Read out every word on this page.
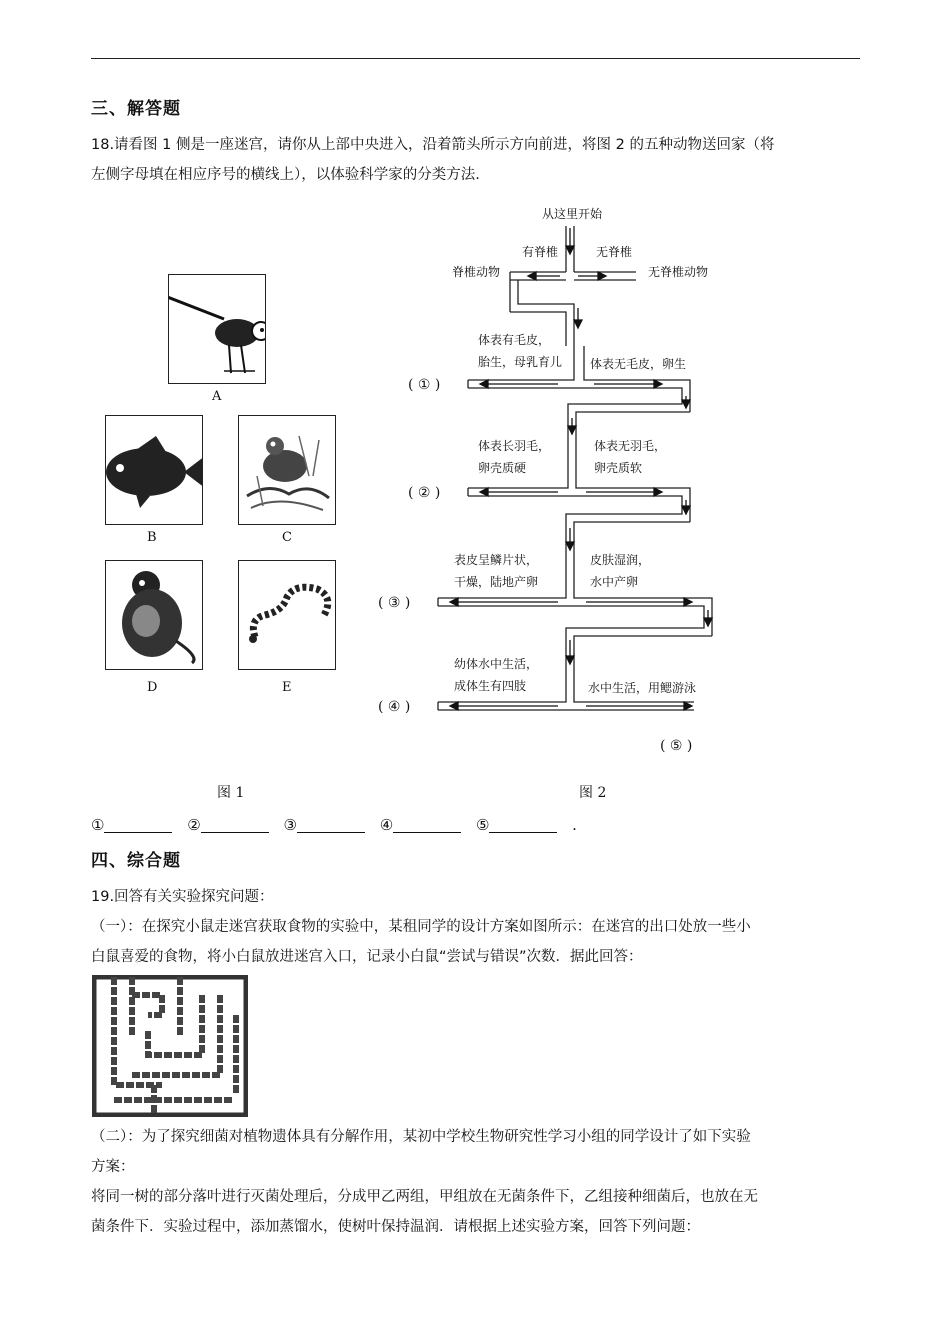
三、解答题
18.请看图 1 侧是一座迷宫，请你从上部中央进入，沿着箭头所示方向前进，将图 2 的五种动物送回家（将
左侧字母填在相应序号的横线上），以体验科学家的分类方法.
A
B	C
D	E
图 1
从这里开始
有脊椎	无脊椎
脊椎动物	无脊椎动物
体表有毛皮，
胎生，母乳育儿 体表无毛皮，卵生
体表长羽毛，
卵壳质硬
体表无羽毛，
卵壳质软
表皮呈鳞片状，
干燥，陆地产卵
皮肤湿润，
水中产卵
幼体水中生活，
成体生有四肢	水中生活，用鳃游泳
( ① )
( ② )
( ③ )
( ④ )
( ⑤ )
图 2
①	②	③	④	⑤	.
四、综合题
19.回答有关实验探究问题：
（一）：在探究小鼠走迷宫获取食物的实验中，某租同学的设计方案如图所示：在迷宫的出口处放一些小
白鼠喜爱的食物，将小白鼠放进迷宫入口，记录小白鼠“尝试与错误”次数．据此回答：
（二）：为了探究细菌对植物遗体具有分解作用，某初中学校生物研究性学习小组的同学设计了如下实验
方案：
将同一树的部分落叶进行灭菌处理后，分成甲乙两组，甲组放在无菌条件下，乙组接种细菌后，也放在无
菌条件下．实验过程中，添加蒸馏水，使树叶保持温润．请根据上述实验方案，回答下列问题：
